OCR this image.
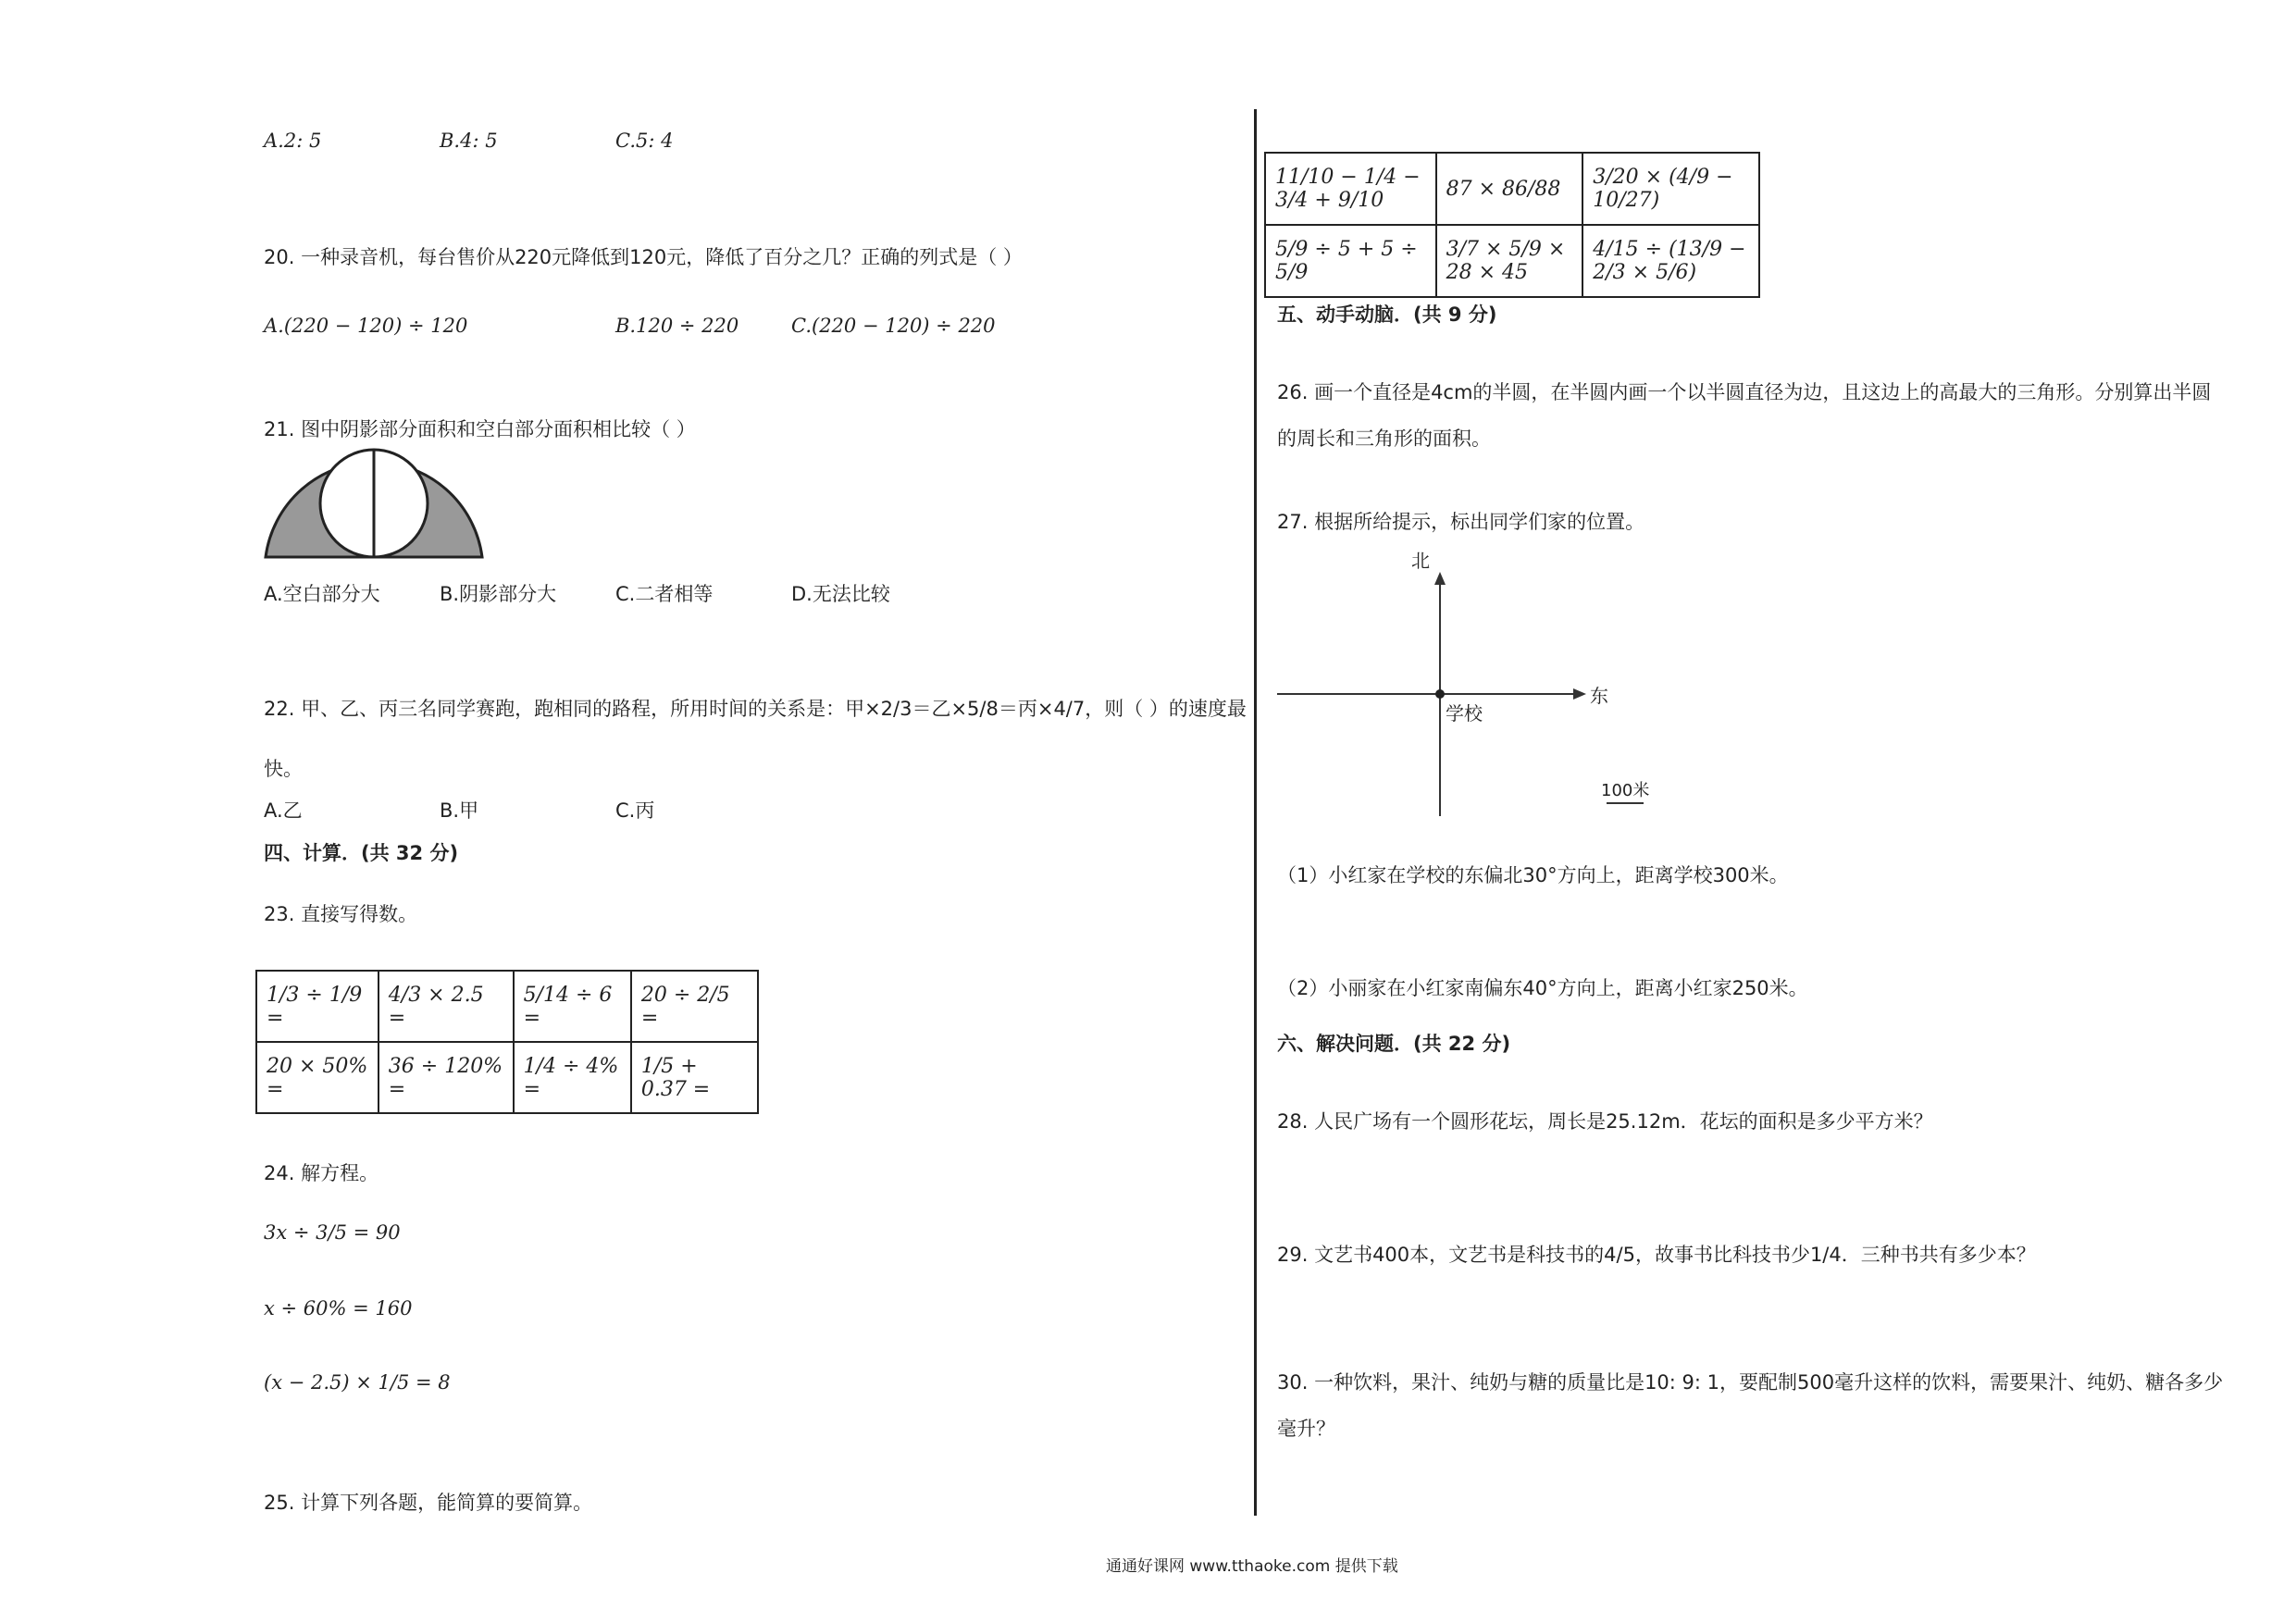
A.2: 5	B.4: 5	C.5: 4
20. 一种录音机，每台售价从220元降低到120元，降低了百分之几？正确的列式是（ ）
A.(220 − 120) ÷ 120	B.120 ÷ 220	C.(220 − 120) ÷ 220
21. 图中阴影部分面积和空白部分面积相比较（ ）
A.空白部分大	B.阴影部分大	C.二者相等	D.无法比较
22. 甲、乙、丙三名同学赛跑，跑相同的路程，所用时间的关系是：甲×2/3＝乙×5/8＝丙×4/7，则（ ）的速度最
快。
A.乙	B.甲	C.丙
四、计算．(共 32 分)
23. 直接写得数。
1/3 ÷ 1/9 =	4/3 × 2.5 =	5/14 ÷ 6 =	20 ÷ 2/5 =
20 × 50% =	36 ÷ 120% =	1/4 ÷ 4% =	1/5 + 0.37 =
24. 解方程。
3x ÷ 3/5 = 90
x ÷ 60% = 160
(x − 2.5) × 1/5 = 8
25. 计算下列各题，能简算的要简算。
11/10 − 1/4 − 3/4 + 9/10	87 × 86/88	3/20 × (4/9 − 10/27)
5/9 ÷ 5 + 5 ÷ 5/9	3/7 × 5/9 × 28 × 45	4/15 ÷ (13/9 − 2/3 × 5/6)
五、动手动脑．(共 9 分)
26. 画一个直径是4cm的半圆，在半圆内画一个以半圆直径为边，且这边上的高最大的三角形。分别算出半圆
的周长和三角形的面积。
27. 根据所给提示，标出同学们家的位置。
北
东
学校
100米
（1）小红家在学校的东偏北30°方向上，距离学校300米。
（2）小丽家在小红家南偏东40°方向上，距离小红家250米。
六、解决问题．(共 22 分)
28. 人民广场有一个圆形花坛，周长是25.12m．花坛的面积是多少平方米？
29. 文艺书400本，文艺书是科技书的4/5，故事书比科技书少1/4．三种书共有多少本？
30. 一种饮料，果汁、纯奶与糖的质量比是10: 9: 1，要配制500毫升这样的饮料，需要果汁、纯奶、糖各多少
毫升？
通通好课网 www.tthaoke.com 提供下载
